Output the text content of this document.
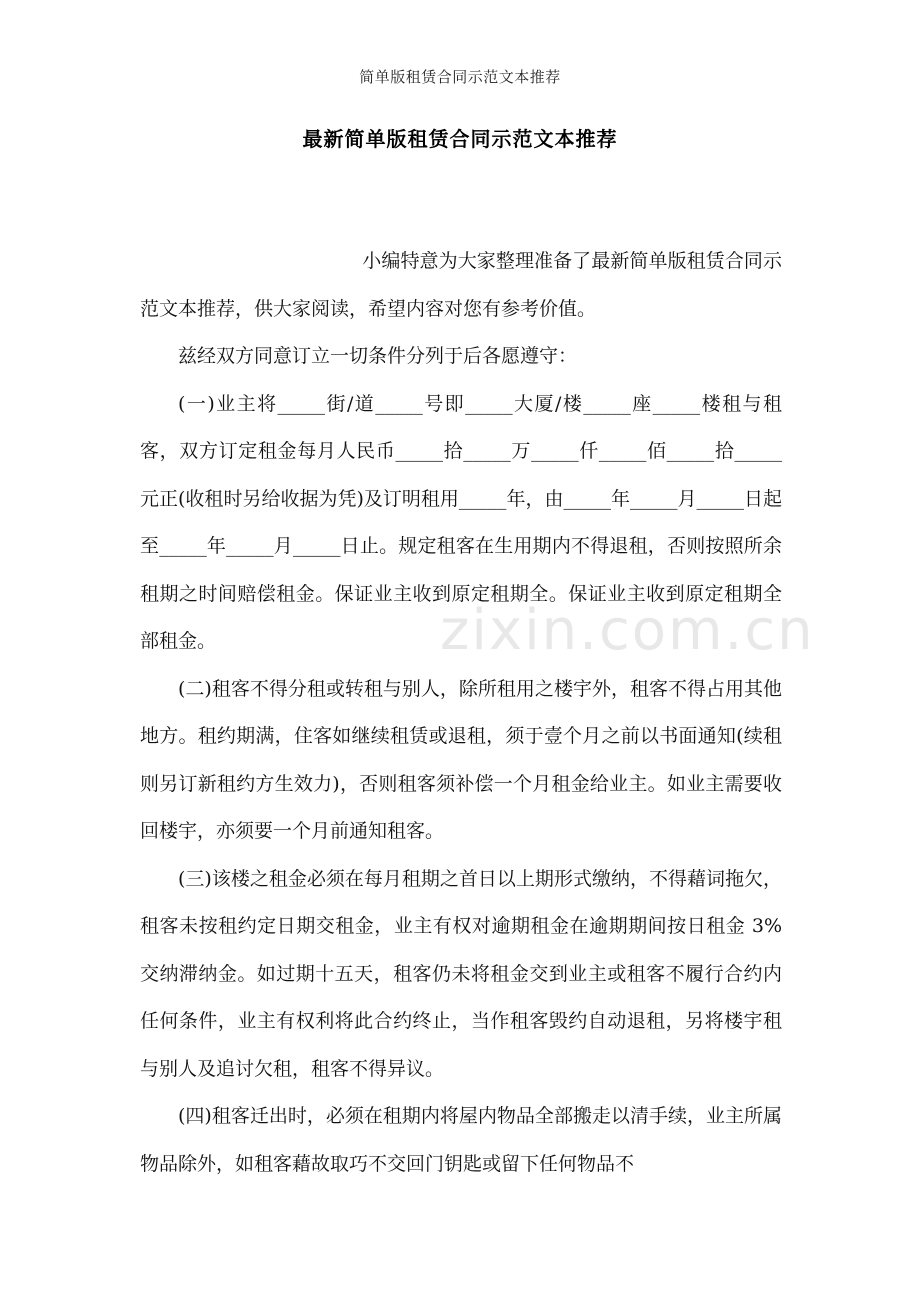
简单版租赁合同示范文本推荐
最新简单版租赁合同示范文本推荐

小编特意为大家整理准备了最新简单版租赁合同示范文本推荐，供大家阅读，希望内容对您有参考价值。

兹经双方同意订立一切条件分列于后各愿遵守：

(一)业主将_____街/道_____号即_____大厦/楼_____座_____楼租与租客，双方订定租金每月人民币_____拾_____万_____仟_____佰_____拾_____元正(收租时另给收据为凭)及订明租用_____年，由_____年_____月_____日起至_____年_____月_____日止。规定租客在生用期内不得退租，否则按照所余租期之时间赔偿租金。保证业主收到原定租期全。保证业主收到原定租期全部租金。

(二)租客不得分租或转租与别人，除所租用之楼宇外，租客不得占用其他地方。租约期满，住客如继续租赁或退租，须于壹个月之前以书面通知(续租则另订新租约方生效力)，否则租客须补偿一个月租金给业主。如业主需要收回楼宇，亦须要一个月前通知租客。

(三)该楼之租金必须在每月租期之首日以上期形式缴纳，不得藉词拖欠，租客未按租约定日期交租金，业主有权对逾期租金在逾期期间按日租金 3%交纳滞纳金。如过期十五天，租客仍未将租金交到业主或租客不履行合约内任何条件，业主有权利将此合约终止，当作租客毁约自动退租，另将楼宇租与别人及追讨欠租，租客不得异议。

(四)租客迁出时，必须在租期内将屋内物品全部搬走以清手续，业主所属物品除外，如租客藉故取巧不交回门钥匙或留下任何物品不

zixin.com.cn
